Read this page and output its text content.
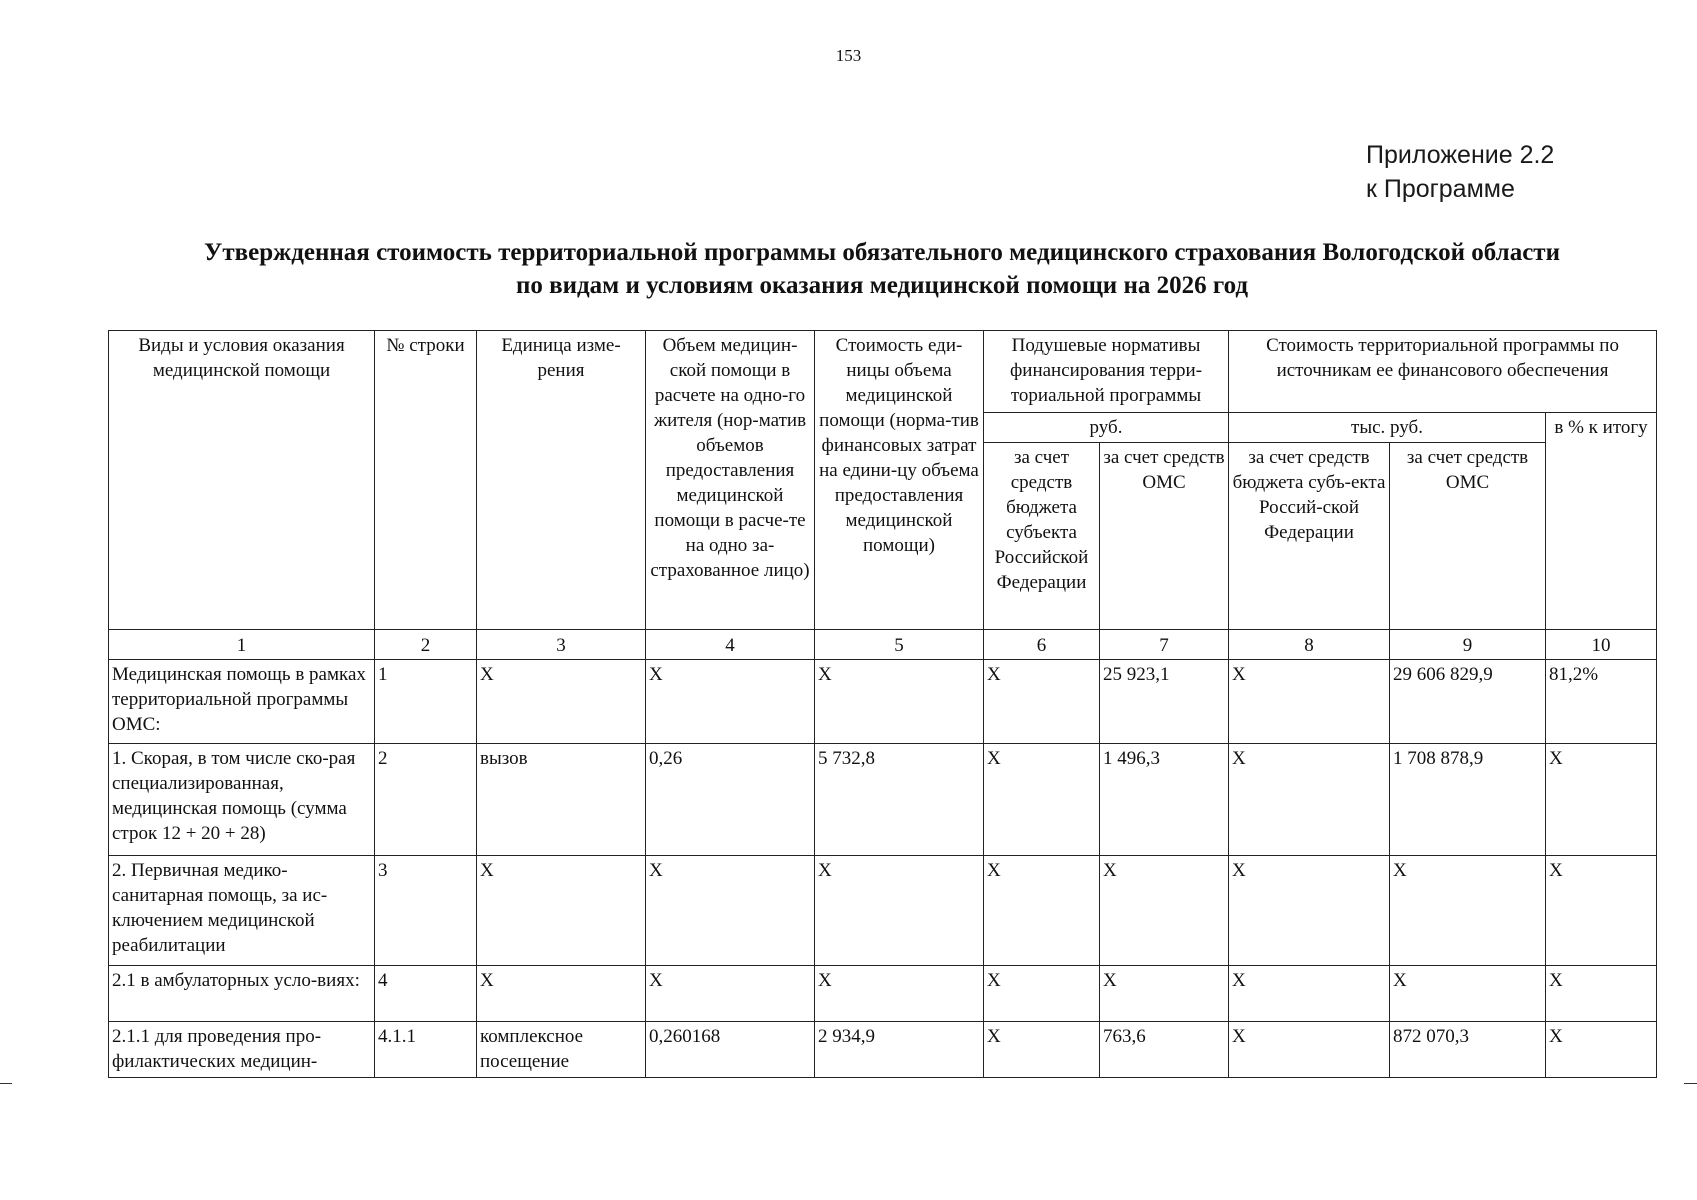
153
Приложение 2.2
к Программе
Утвержденная стоимость территориальной программы обязательного медицинского страхования Вологодской области
по видам и условиям оказания медицинской помощи на 2026 год
Виды и условия оказания медицинской помощи	№ строки	Единица изме-рения	Объем медицин-ской помощи в расчете на одно-го жителя (нор-матив объемов предоставления медицинской помощи в расче-те на одно за-страхованное лицо)	Стоимость еди-ницы объема медицинской помощи (норма-тив финансовых затрат на едини-цу объема предоставления медицинской помощи)	Подушевые нормативы финансирования терри-ториальной программы		Стоимость территориальной программы по источникам ее финансового обеспечения		
					руб.		тыс. руб.		в % к итогу
					за счет средств бюджета субъекта Российской Федерации	за счет средств ОМС	за счет средств бюджета субъ-екта Россий-ской Федерации	за счет средств ОМС	
1	2	3	4	5	6	7	8	9	10
Медицинская помощь в рамках территориальной программы ОМС:	1	X	X	X	X	25 923,1	X	29 606 829,9	81,2%
1. Скорая, в том числе ско-рая специализированная, медицинская помощь (сумма строк 12 + 20 + 28)	2	вызов	0,26	5 732,8	X	1 496,3	X	1 708 878,9	X
2. Первичная медико-санитарная помощь, за ис-ключением медицинской реабилитации	3	X	X	X	X	X	X	X	X
2.1 в амбулаторных усло-виях:	4	X	X	X	X	X	X	X	X
2.1.1 для проведения про-филактических медицин-	4.1.1	комплексное посещение	0,260168	2 934,9	X	763,6	X	872 070,3	X
